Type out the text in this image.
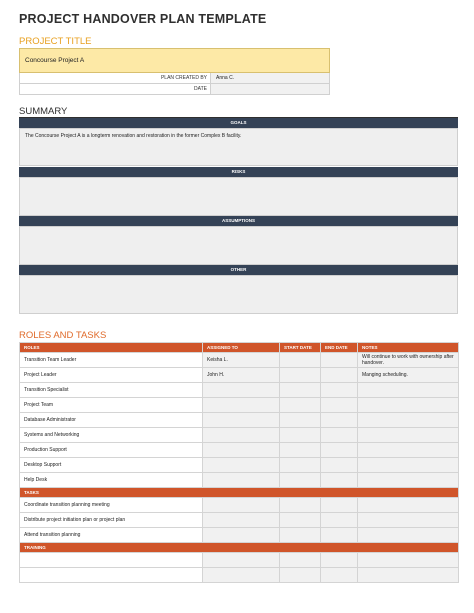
PROJECT HANDOVER PLAN TEMPLATE
PROJECT TITLE
Concourse Project A
PLAN CREATED BY	Anna C.
DATE
SUMMARY
GOALS
The Concourse Project A is a longterm renovation and restoration in the former Complex B facility.
RISKS
ASSUMPTIONS
OTHER
ROLES AND TASKS
ROLES	ASSIGNED TO	START DATE	END DATE	NOTES
Transition Team Leader	Keisha L.			Will continue to work with ownership after handover.
Project Leader	John H.			Manging scheduling.
Transition Specialist				
Project Team				
Database Administrator				
Systems and Networking				
Production Support				
Desktop Support				
Help Desk				
TASKS				
Coordinate transition planning meeting				
Distribute project initiation plan or project plan				
Attend transition planning				
TRAINING				
